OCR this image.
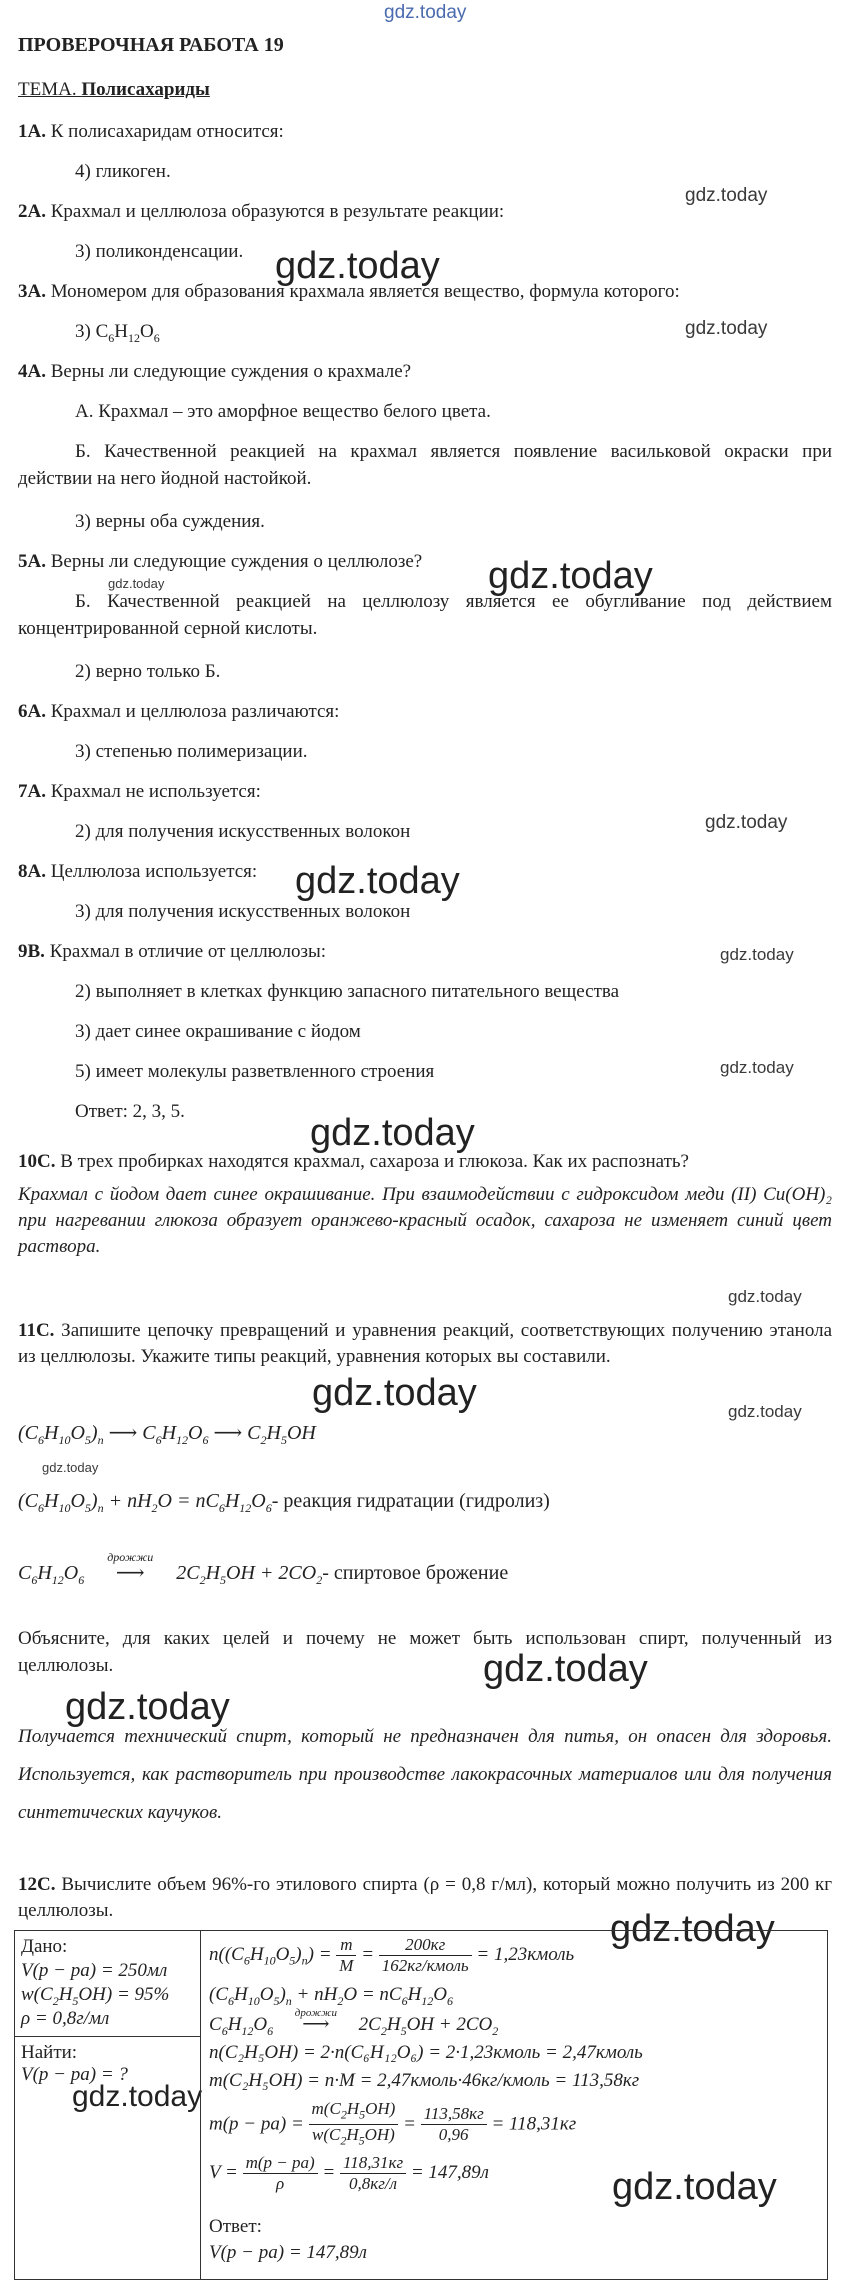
gdz.today
gdz.today
gdz.today
gdz.today
gdz.today
gdz.today
gdz.today
gdz.today
gdz.today
gdz.today
gdz.today
gdz.today
gdz.today	gdz.today
gdz.today
gdz.today
gdz.today
gdz.today
gdz.today
gdz.today
ПРОВЕРОЧНАЯ РАБОТА 19
ТЕМА. Полисахариды
1А. К полисахаридам относится:
4) гликоген.
2А. Крахмал и целлюлоза образуются в результате реакции:
3) поликонденсации.
3А. Мономером для образования крахмала является вещество, формула которого:
3) $C_6H_{12}O_6$
4А. Верны ли следующие суждения о крахмале?
А. Крахмал – это аморфное вещество белого цвета.
Б. Качественной реакцией на крахмал является появление васильковой окраски при действии на него йодной настойкой.
3) верны оба суждения.
5А. Верны ли следующие суждения о целлюлозе?
Б. Качественной реакцией на целлюлозу является ее обугливание под действием концентрированной серной кислоты.
2) верно только Б.
6А. Крахмал и целлюлоза различаются:
3) степенью полимеризации.
7А. Крахмал не используется:
2) для получения искусственных волокон
8А. Целлюлоза используется:
3) для получения искусственных волокон
9В. Крахмал в отличие от целлюлозы:
2) выполняет в клетках функцию запасного питательного вещества
3) дает синее окрашивание с йодом
5) имеет молекулы разветвленного строения
Ответ: 2, 3, 5.
10С. В трех пробирках находятся крахмал, сахароза и глюкоза. Как их распознать?
Крахмал с йодом дает синее окрашивание. При взаимодействии с гидроксидом меди (II) Cu(OH)₂ при нагревании глюкоза образует оранжево-красный осадок, сахароза не изменяет синий цвет раствора.
11С. Запишите цепочку превращений и уравнения реакций, соответствующих получению этанола из целлюлозы. Укажите типы реакций, уравнения которых вы составили.
$(C_6H_{10}O_5)_n$ ⟶ $C_6H_{12}O_6$ ⟶ $C_2H_5OH$
$(C_6H_{10}O_5)_n + nH_2O = nC_6H_{12}O_6-$ реакция гидратации (гидролиз)
$C_6H_{12}O_6$
дрожжи
⟶ $2C_2H_5OH + 2CO_2-$ спиртовое брожение
Объясните, для каких целей и почему не может быть использован спирт, полученный из целлюлозы.
Получается технический спирт, который не предназначен для питья, он опасен для здоровья. Используется, как растворитель при производстве лакокрасочных материалов или для получения синтетических каучуков.
12С. Вычислите объем 96%-го этилового спирта (ρ = 0,8 г/мл), который можно получить из 200 кг целлюлозы.
Дано:
V(p − pa) = 250мл
$w(C_2H_5OH) = 95\%$
ρ = 0,8г/мл
Найти:
V(p − pa) = ?
$n((C_6H_{10}O_5)_n) = \frac{m}{M} = \frac{200кг}{\text{162кг/кмоль}}$ = 1,23кмоль
$(C_6H_{10}O_5)_n + nH_2O = nC_6H_{12}O_6$
$C_6H_{12}O_6$
дрожжи
⟶ $2C_2H_5OH + 2CO_2$
n(C₂H₅OH) = 2·n(C₆H₁₂O₆) = 2·1,23кмоль = 2,47кмоль
m(C₂H₅OH) = n·M = 2,47кмоль·46кг/кмоль = 113,58кг
$m(p - pa) = \frac{m(C_2H_5OH)}{w(C_2H_5OH)} = \frac{113,58кг}{0,96} = 118,31кг$
$V = \frac{m(p - pa)}{\rho} = \frac{118,31кг}{0,8кг/л} = 147,89л$
Ответ:
V(p − pa) = 147,89л
